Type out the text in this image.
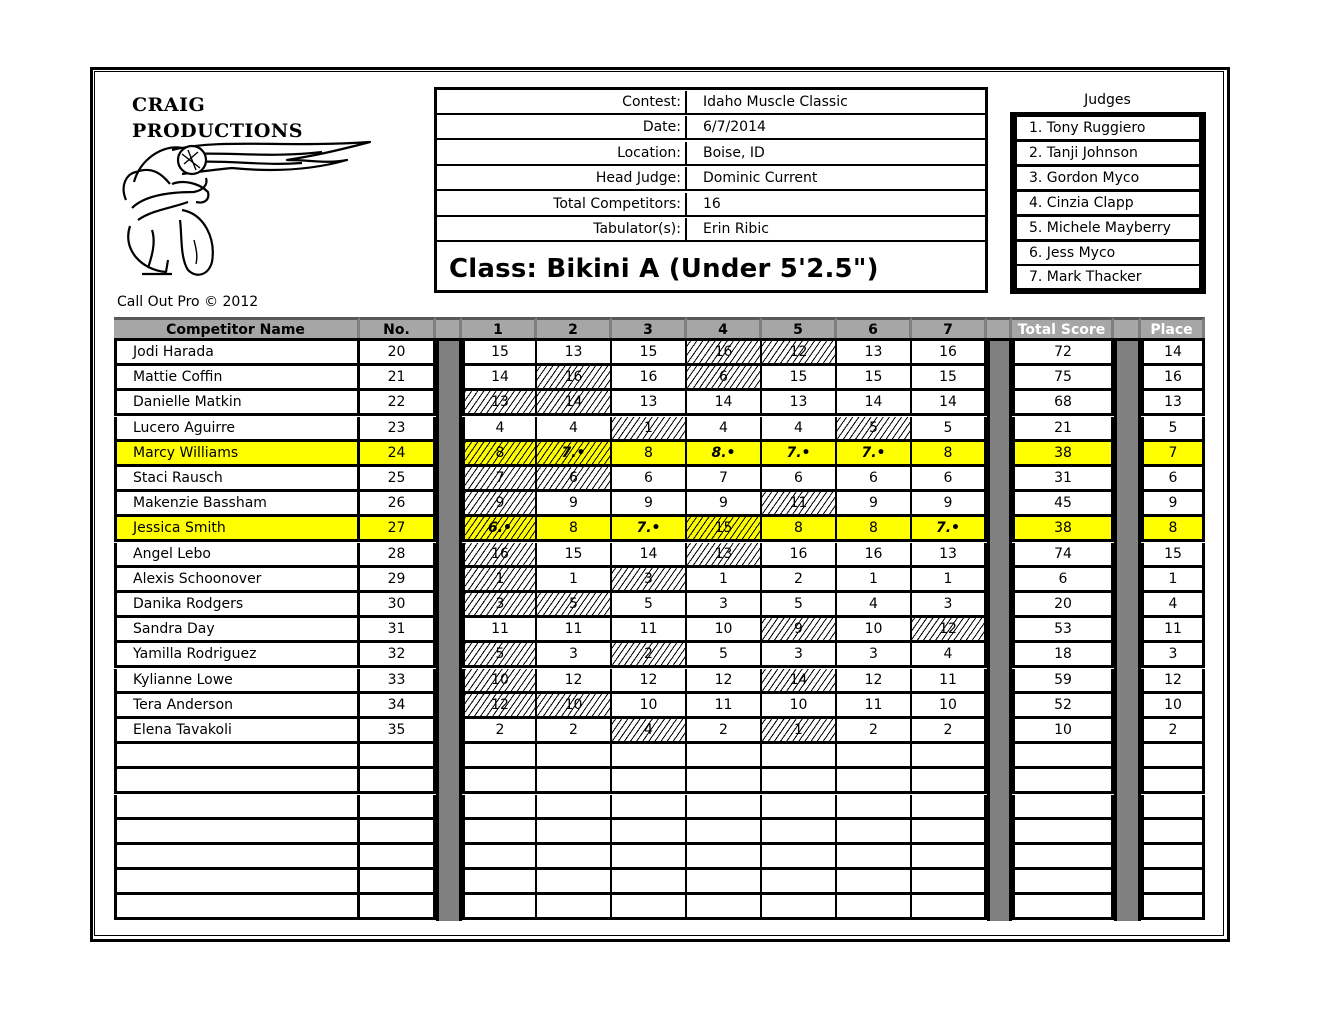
CRAIG
PRODUCTIONS
Call Out Pro © 2012
Contest:	Idaho Muscle Classic
Date:	6/7/2014
Location:	Boise, ID
Head Judge:	Dominic Current
Total Competitors:	16
Tabulator(s):	Erin Ribic
Class: Bikini A (Under 5'2.5")
Judges
1. Tony Ruggiero
2. Tanji Johnson
3. Gordon Myco
4. Cinzia Clapp
5. Michele Mayberry
6. Jess Myco
7. Mark Thacker
Competitor Name	No.	1	2	3	4	5	6	7	Total Score	Place
Jodi Harada	20	15	13	15	16	12	13	16	72	14
Mattie Coffin	21	14	16	16	6	15	15	15	75	16
Danielle Matkin	22	13	14	13	14	13	14	14	68	13
Lucero Aguirre	23	4	4	1	4	4	5	5	21	5
Marcy Williams	24	8	7.•	8	8.•	7.•	7.•	8	38	7
Staci Rausch	25	7	6	6	7	6	6	6	31	6
Makenzie Bassham	26	9	9	9	9	11	9	9	45	9
Jessica Smith	27	6.•	8	7.•	15	8	8	7.•	38	8
Angel Lebo	28	16	15	14	13	16	16	13	74	15
Alexis Schoonover	29	1	1	3	1	2	1	1	6	1
Danika Rodgers	30	3	5	5	3	5	4	3	20	4
Sandra Day	31	11	11	11	10	9	10	12	53	11
Yamilla Rodriguez	32	5	3	2	5	3	3	4	18	3
Kylianne Lowe	33	10	12	12	12	14	12	11	59	12
Tera Anderson	34	12	10	10	11	10	11	10	52	10
Elena Tavakoli	35	2	2	4	2	1	2	2	10	2
